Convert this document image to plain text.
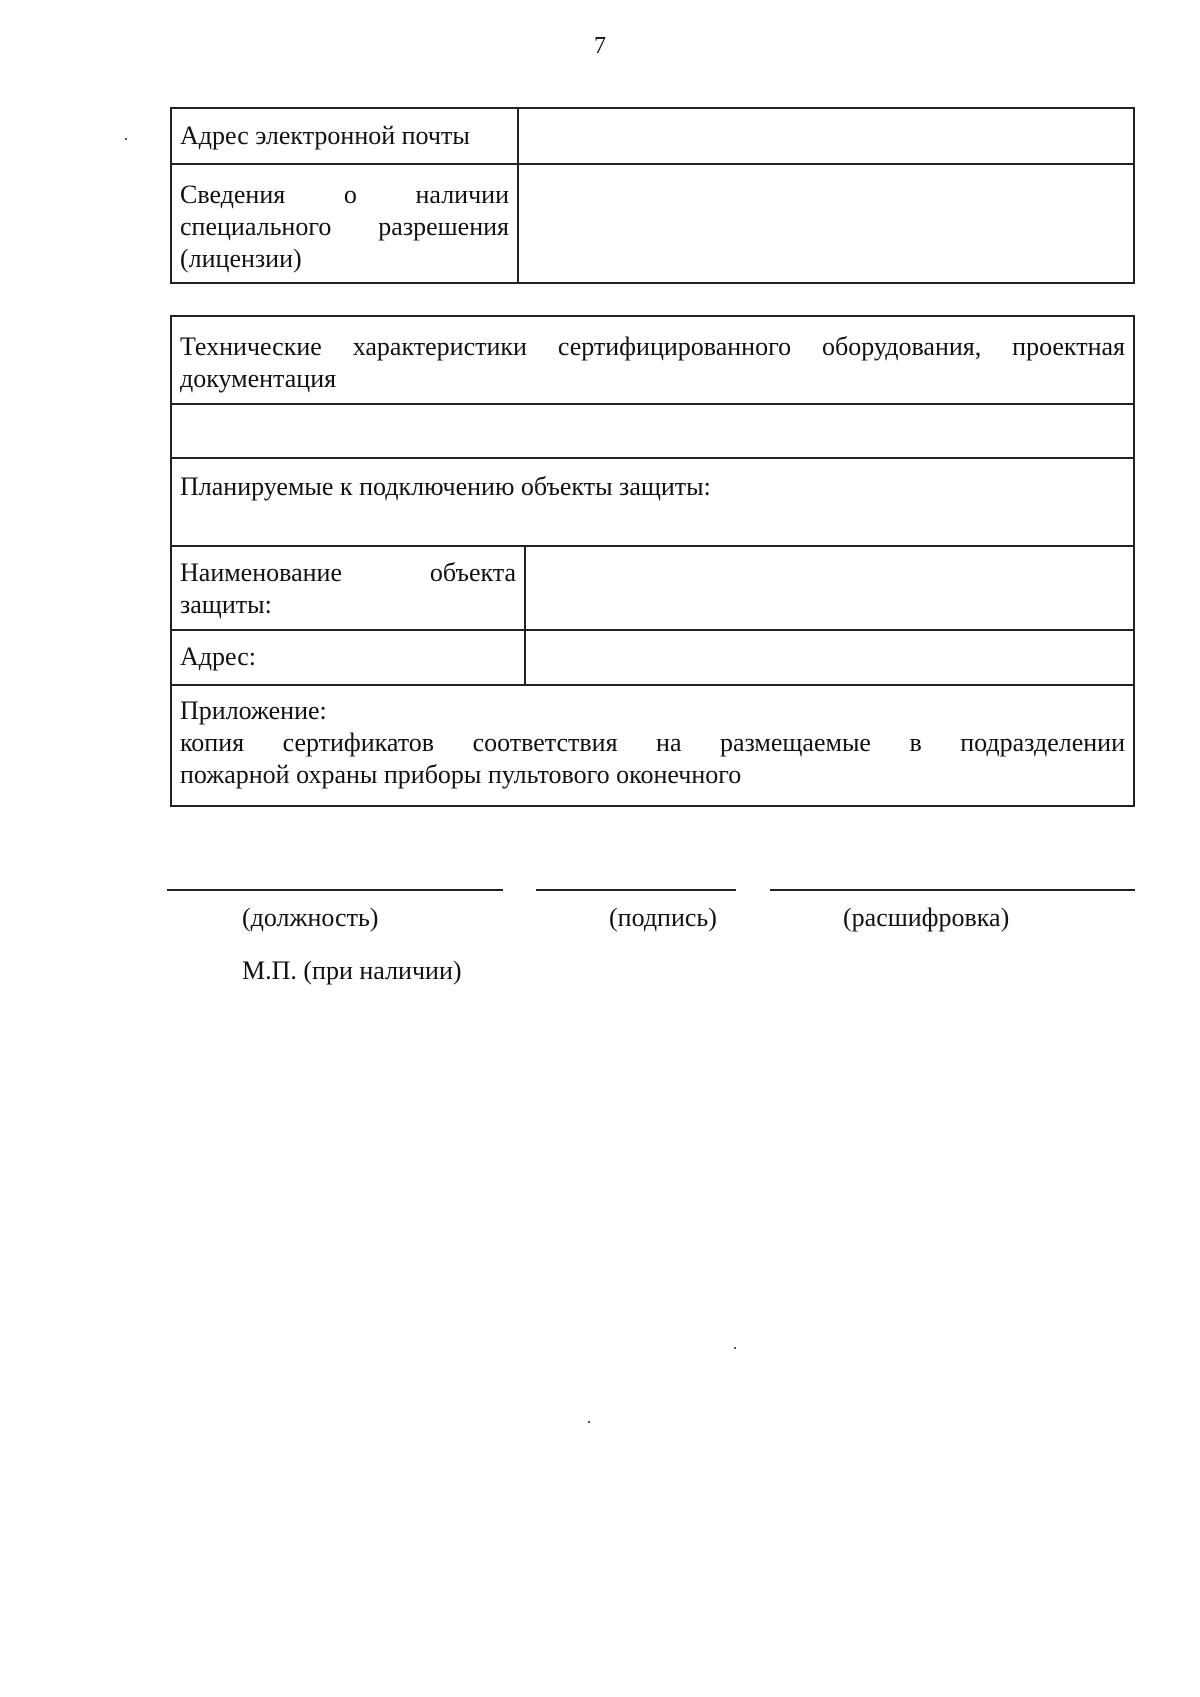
7
Адрес электронной почты
Сведения о наличии
специального разрешения
(лицензии)
Технические характеристики сертифицированного оборудования, проектная
документация
Планируемые к подключению объекты защиты:
Наименование объекта
защиты:
Адрес:
Приложение:
копия сертификатов соответствия на размещаемые в подразделении
пожарной охраны приборы пультового оконечного
(должность)	(подпись)	(расшифровка)
М.П. (при наличии)
